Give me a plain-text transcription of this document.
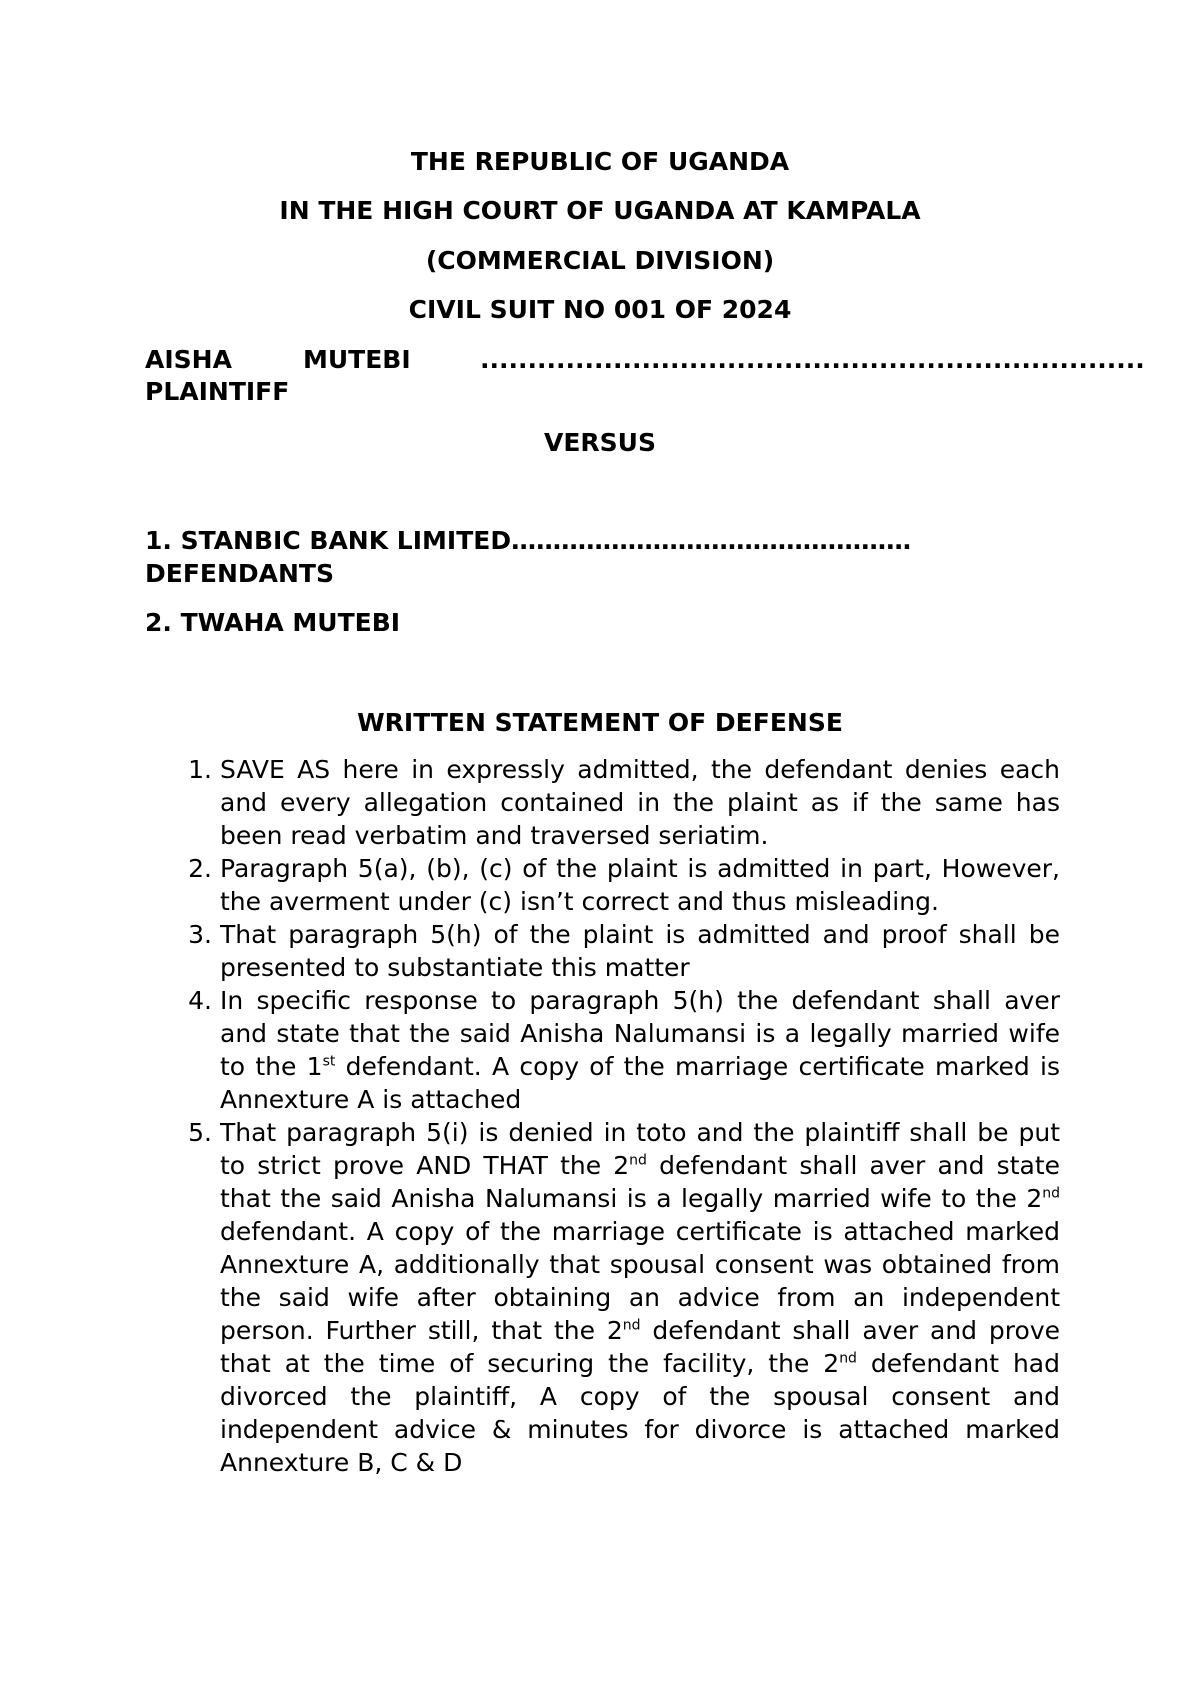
THE REPUBLIC OF UGANDA
IN THE HIGH COURT OF UGANDA AT KAMPALA
(COMMERCIAL DIVISION)
CIVIL SUIT NO 001 OF 2024
AISHA	MUTEBI	......................................................................
PLAINTIFF
VERSUS
1. STANBIC BANK LIMITED…………………………………………
DEFENDANTS
2. TWAHA MUTEBI
WRITTEN STATEMENT OF DEFENSE
1. SAVE AS here in expressly admitted, the defendant denies each and every allegation contained in the plaint as if the same has been read verbatim and traversed seriatim.
2. Paragraph 5(a), (b), (c) of the plaint is admitted in part, However, the averment under (c) isn’t correct and thus misleading.
3. That paragraph 5(h) of the plaint is admitted and proof shall be presented to substantiate this matter
4. In specific response to paragraph 5(h) the defendant shall aver and state that the said Anisha Nalumansi is a legally married wife to the 1st defendant. A copy of the marriage certificate marked is Annexture A is attached
5. That paragraph 5(i) is denied in toto and the plaintiff shall be put to strict prove AND THAT the 2nd defendant shall aver and state that the said Anisha Nalumansi is a legally married wife to the 2nd defendant. A copy of the marriage certificate is attached marked Annexture A, additionally that spousal consent was obtained from the said wife after obtaining an advice from an independent person. Further still, that the 2nd defendant shall aver and prove that at the time of securing the facility, the 2nd defendant had divorced the plaintiff, A copy of the spousal consent and independent advice & minutes for divorce is attached marked Annexture B, C & D
